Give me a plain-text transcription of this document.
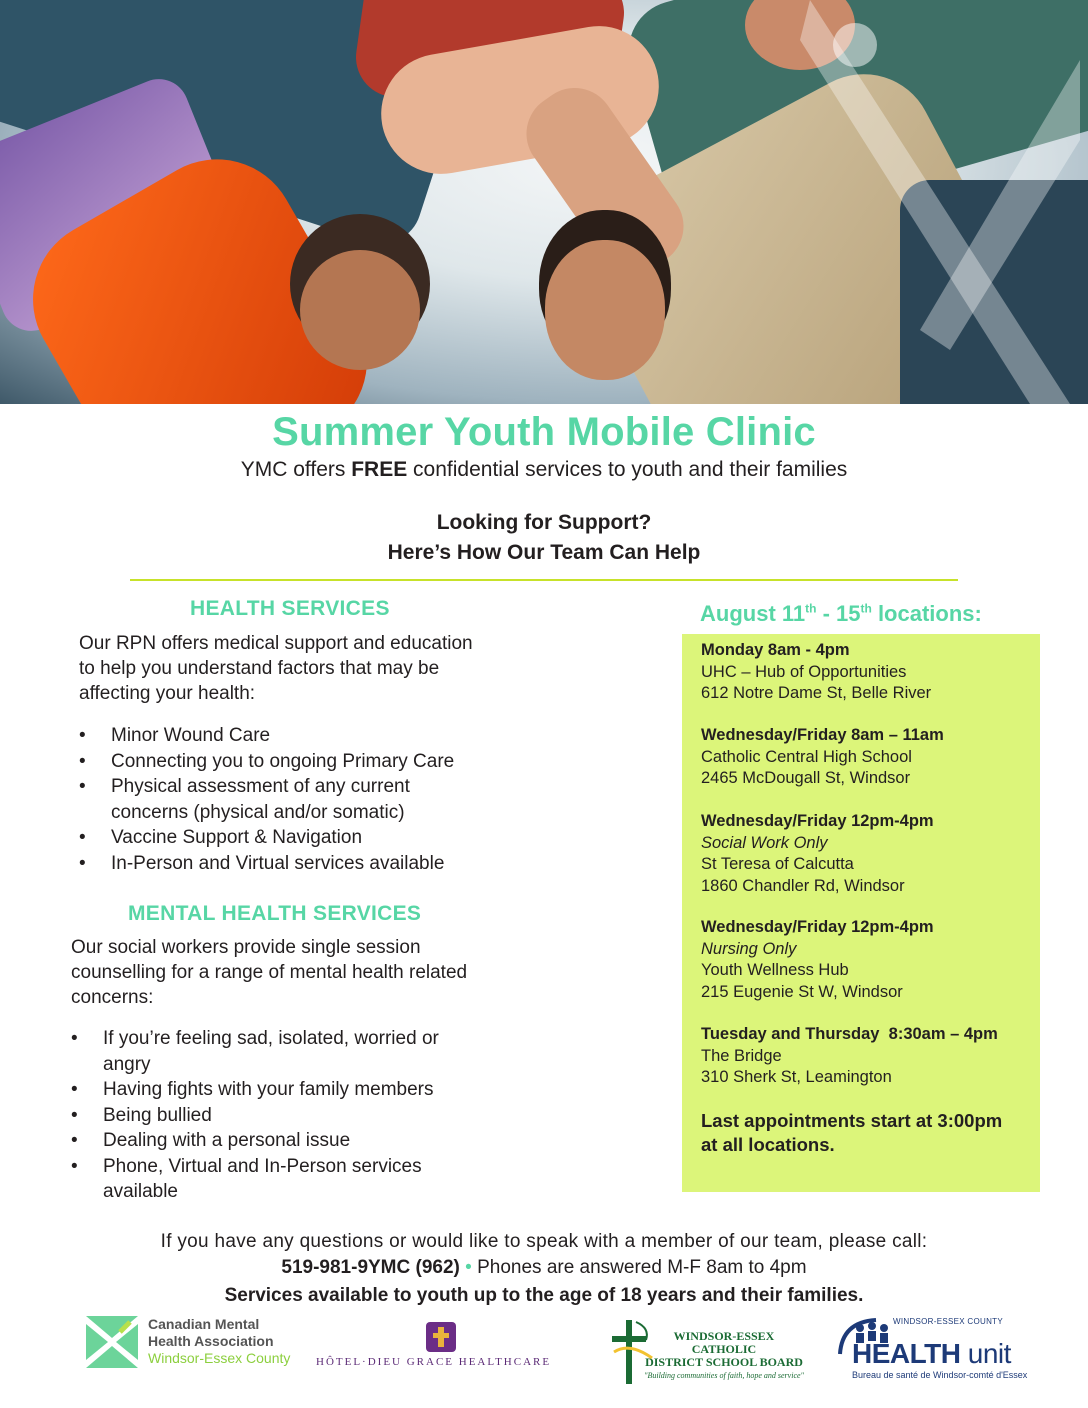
Summer Youth Mobile Clinic
YMC offers FREE confidential services to youth and their families
Looking for Support?
Here’s How Our Team Can Help
HEALTH SERVICES
Our RPN offers medical support and education
to help you understand factors that may be
affecting your health:
• Minor Wound Care
• Connecting you to ongoing Primary Care
• Physical assessment of any current
concerns (physical and/or somatic)
• Vaccine Support & Navigation
• In-Person and Virtual services available
MENTAL HEALTH SERVICES
Our social workers provide single session
counselling for a range of mental health related
concerns:
• If you’re feeling sad, isolated, worried or
angry
• Having fights with your family members
• Being bullied
• Dealing with a personal issue
• Phone, Virtual and In-Person services
available
August 11th - 15th locations:
Monday 8am - 4pm
UHC – Hub of Opportunities
612 Notre Dame St, Belle River
Wednesday/Friday 8am – 11am
Catholic Central High School
2465 McDougall St, Windsor
Wednesday/Friday 12pm-4pm
Social Work Only
St Teresa of Calcutta
1860 Chandler Rd, Windsor
Wednesday/Friday 12pm-4pm
Nursing Only
Youth Wellness Hub
215 Eugenie St W, Windsor
Tuesday and Thursday  8:30am – 4pm
The Bridge
310 Sherk St, Leamington
Last appointments start at 3:00pm
at all locations.
If you have any questions or would like to speak with a member of our team, please call:
519-981-9YMC (962) • Phones are answered M-F 8am to 4pm
Services available to youth up to the age of 18 years and their families.
Canadian Mental
Health Association
Windsor-Essex County HÔTEL·DIEU GRACE HEALTHCARE
WINDSOR-ESSEX CATHOLIC
DISTRICT SCHOOL BOARD
"Building communities of faith, hope and service"
WINDSOR-ESSEX COUNTY
HEALTH unit
Bureau de santé de Windsor-comté d'Essex
